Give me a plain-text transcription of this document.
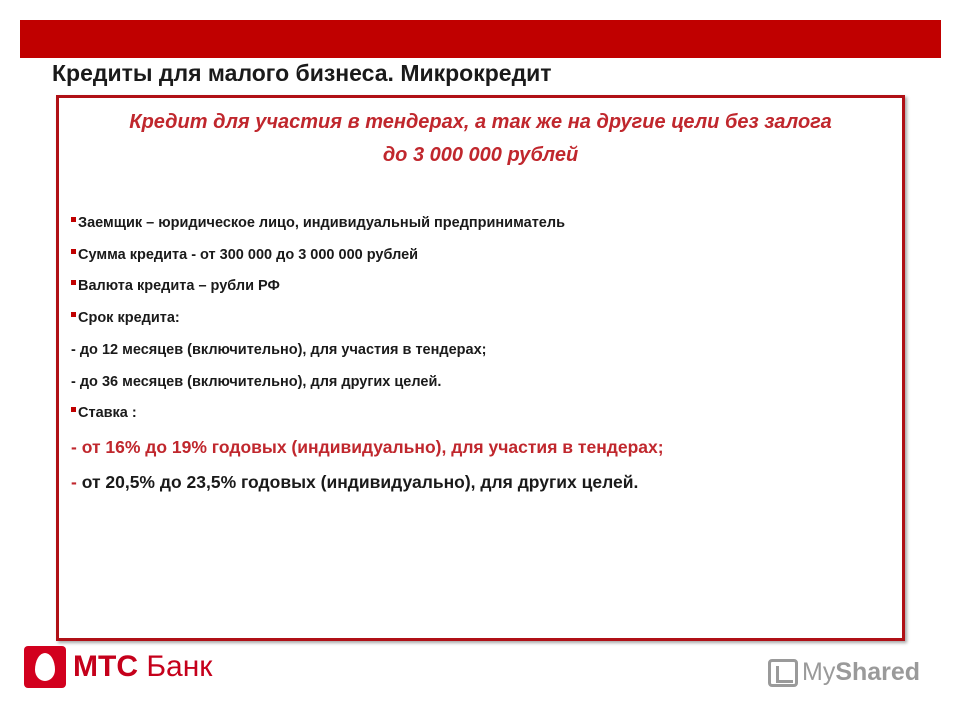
Кредиты для малого бизнеса. Микрокредит
Кредит для участия в тендерах, а так же на другие цели без залога
до 3 000 000 рублей
Заемщик – юридическое лицо, индивидуальный предприниматель
Сумма кредита - от 300 000 до 3 000 000 рублей
Валюта кредита – рубли РФ
Срок кредита:
- до 12 месяцев (включительно), для участия в тендерах;
- до 36 месяцев (включительно), для других целей.
Ставка :
- от 16% до 19% годовых (индивидуально), для участия в тендерах;
- от 20,5% до 23,5% годовых (индивидуально), для других целей.
МТС Банк	MyShared
